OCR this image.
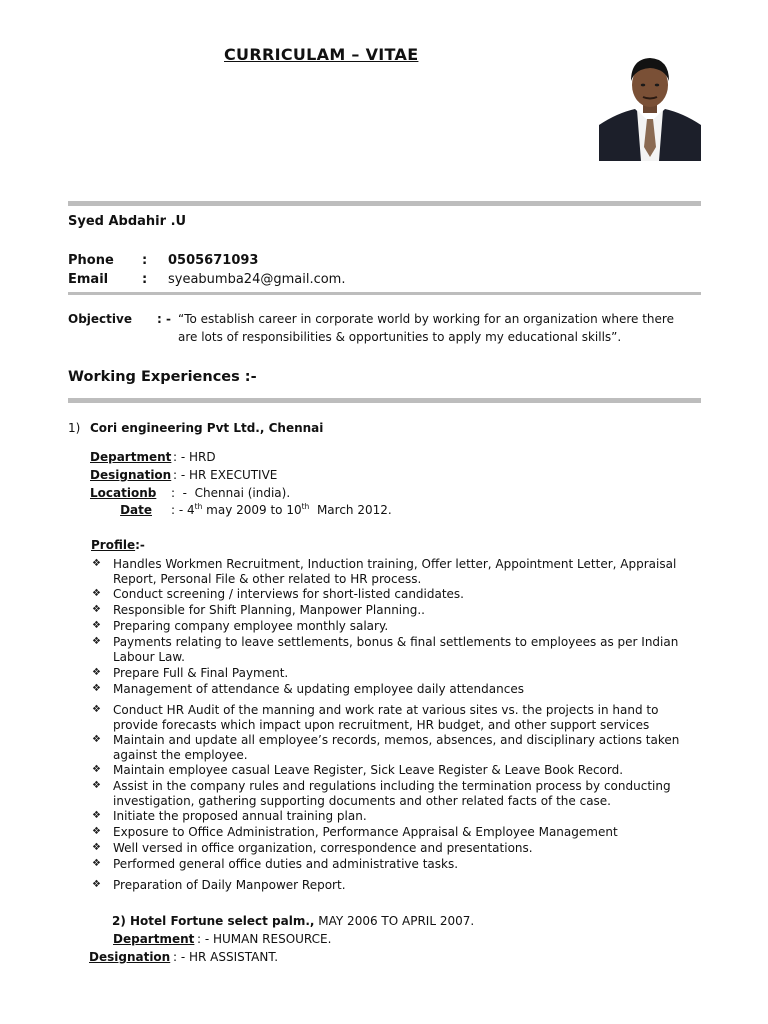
CURRICULAM – VITAE
Syed Abdahir .U
Phone : 0505671093
Email	: syeabumba24@gmail.com.
Objective : - “To establish career in corporate world by working for an organization where there
are lots of responsibilities & opportunities to apply my educational skills”.
Working Experiences :-
1) Cori engineering Pvt Ltd., Chennai
Department : - HRD
Designation : - HR EXECUTIVE
Locationb	:  -  Chennai (india).
Date : - 4th may 2009 to 10th  March 2012.
Profile:-
❖	Handles Workmen Recruitment, Induction training, Offer letter, Appointment Letter, Appraisal
Report, Personal File & other related to HR process.
❖	Conduct screening / interviews for short-listed candidates.
❖	Responsible for Shift Planning, Manpower Planning..
❖	Preparing company employee monthly salary.
❖	Payments relating to leave settlements, bonus & final settlements to employees as per Indian
Labour Law.
❖	Prepare Full & Final Payment.
❖	Management of attendance & updating employee daily attendances
❖	Conduct HR Audit of the manning and work rate at various sites vs. the projects in hand to
provide forecasts which impact upon recruitment, HR budget, and other support services
❖	Maintain and update all employee’s records, memos, absences, and disciplinary actions taken
against the employee.
❖	Maintain employee casual Leave Register, Sick Leave Register & Leave Book Record.
❖	Assist in the company rules and regulations including the termination process by conducting
investigation, gathering supporting documents and other related facts of the case.
❖	Initiate the proposed annual training plan.
❖	Exposure to Office Administration, Performance Appraisal & Employee Management
❖	Well versed in office organization, correspondence and presentations.
❖	Performed general office duties and administrative tasks.
❖	Preparation of Daily Manpower Report.
2) Hotel Fortune select palm., MAY 2006 TO APRIL 2007.
Department : - HUMAN RESOURCE.
Designation : - HR ASSISTANT.
